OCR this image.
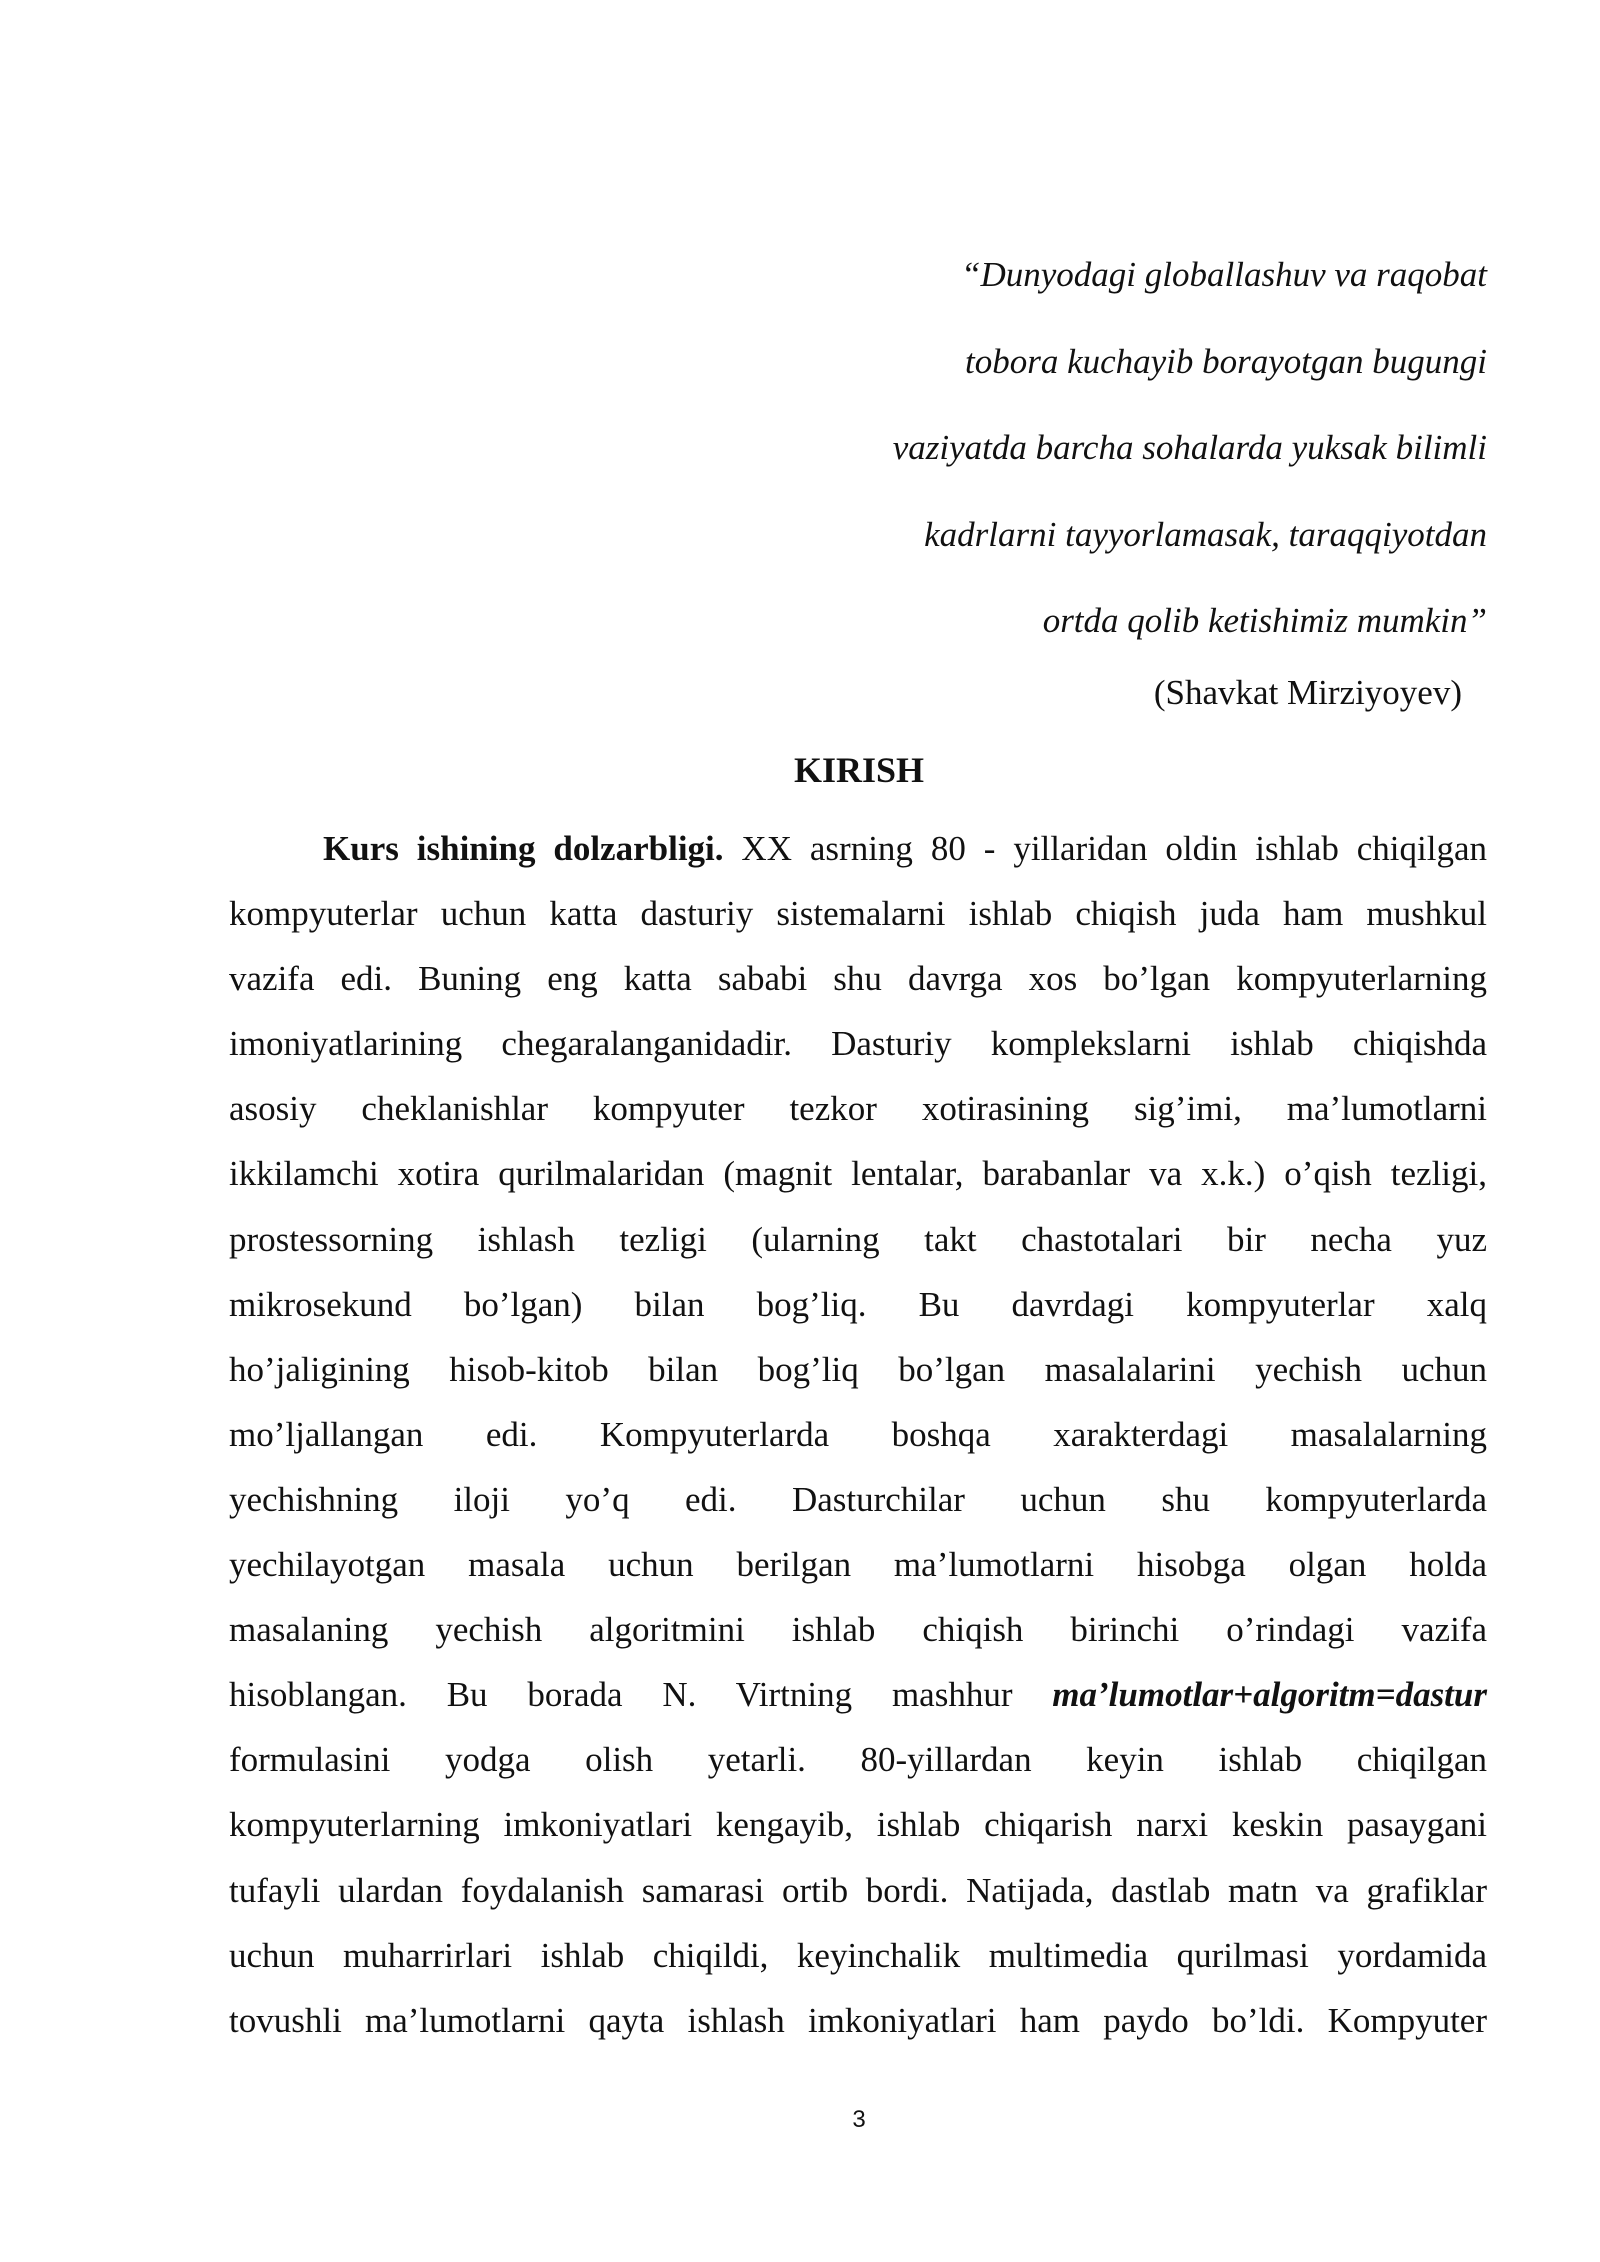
“Dunyodagi globallashuv va raqobat
tobora kuchayib borayotgan bugungi
vaziyatda barcha sohalarda yuksak bilimli
kadrlarni tayyorlamasak, taraqqiyotdan
ortda qolib ketishimiz mumkin”

(Shavkat Mirziyoyev)

KIRISH
Kurs ishining dolzarbligi. XX asrning 80 - yillaridan oldin ishlab chiqilgan
kompyuterlar uchun katta dasturiy sistemalarni ishlab chiqish juda ham mushkul
vazifa edi. Buning eng katta sababi shu davrga xos bo’lgan kompyuterlarning
imoniyatlarining chegaralanganidadir. Dasturiy komplekslarni ishlab chiqishda
asosiy cheklanishlar kompyuter tezkor xotirasining sig’imi, ma’lumotlarni
ikkilamchi xotira qurilmalaridan (magnit lentalar, barabanlar va x.k.) o’qish tezligi,
prostessorning ishlash tezligi (ularning takt chastotalari bir necha yuz
mikrosekund bo’lgan) bilan bog’liq. Bu davrdagi kompyuterlar xalq
ho’jaligining hisob-kitob bilan bog’liq bo’lgan masalalarini yechish uchun
mo’ljallangan edi. Kompyuterlarda boshqa xarakterdagi masalalarning
yechishning iloji yo’q edi. Dasturchilar uchun shu kompyuterlarda
yechilayotgan masala uchun berilgan ma’lumotlarni hisobga olgan holda
masalaning yechish algoritmini ishlab chiqish birinchi o’rindagi vazifa
hisoblangan. Bu borada N. Virtning mashhur ma’lumotlar+algoritm=dastur
formulasini yodga olish yetarli. 80-yillardan keyin ishlab chiqilgan
kompyuterlarning imkoniyatlari kengayib, ishlab chiqarish narxi keskin pasaygani
tufayli ulardan foydalanish samarasi ortib bordi. Natijada, dastlab matn va grafiklar
uchun muharrirlari ishlab chiqildi, keyinchalik multimedia qurilmasi yordamida
tovushli ma’lumotlarni qayta ishlash imkoniyatlari ham paydo bo’ldi. Kompyuter

3
